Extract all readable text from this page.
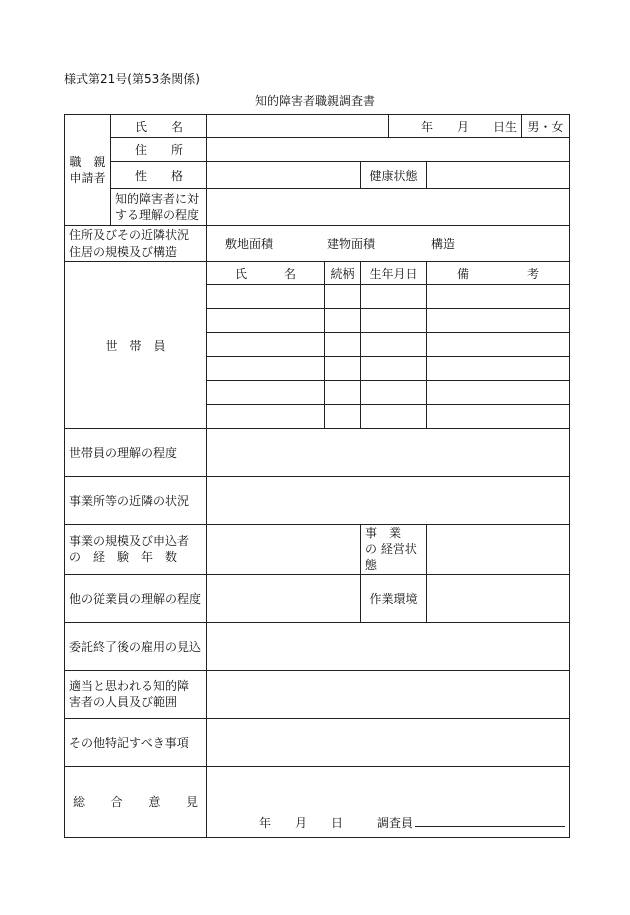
様式第21号(第53条関係)
知的障害者職親調査書
職　親 申請者	氏　　名				年　　月　　日生		男・女
	住　　所						
	性　　格			健康状態			
	知的障害者に対 する理解の程度						
住所及びその近隣状況 住居の規模及び構造		敷地面積 建物面積 構造					
世　帯　員		氏　　名	続柄	生年月日		備　　考	

世帯員の理解の程度							
事業所等の近隣の状況							
事業の規模及び申込者 の　経　験　年　数				事　業　の 経営状態			
他の従業員の理解の程度				作業環境			
委託終了後の雇用の見込							
適当と思われる知的障 害者の人員及び範囲							
その他特記すべき事項							
総　　合　　意　　見		年　　月　　日 調査員					
